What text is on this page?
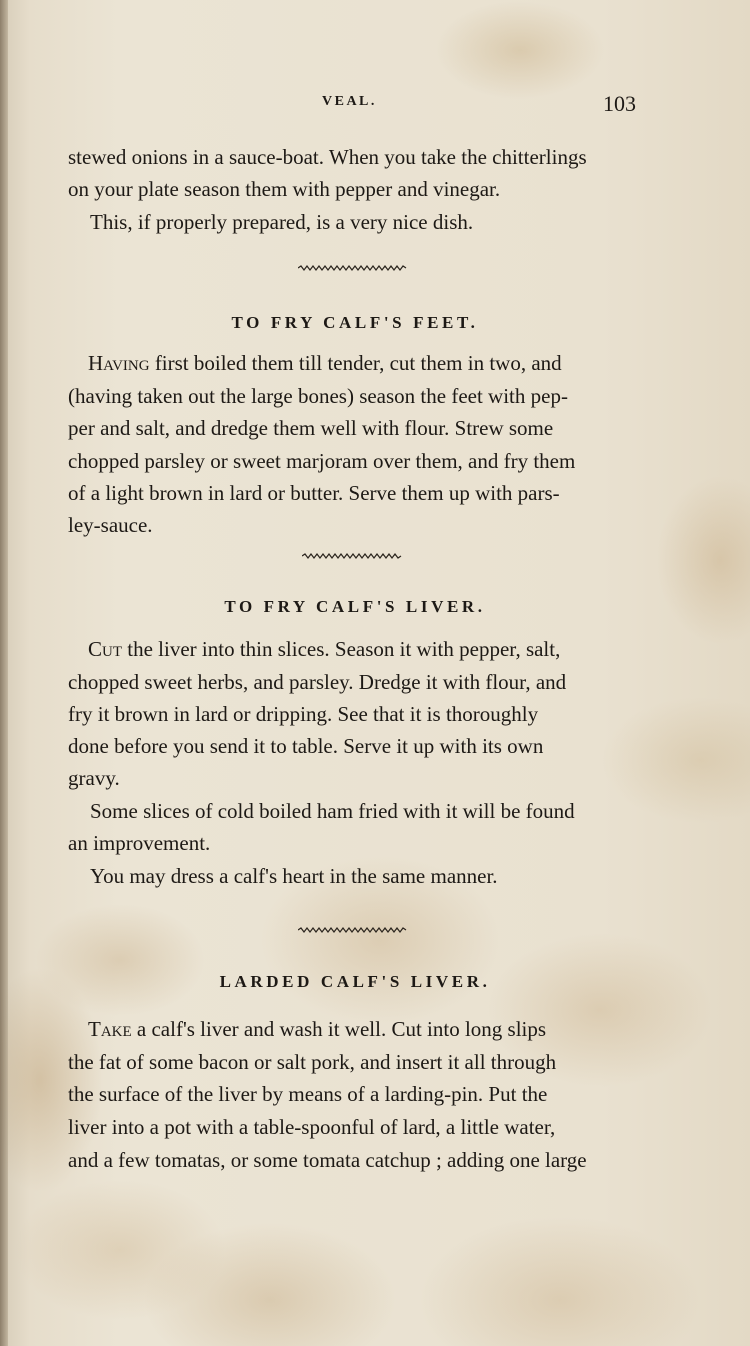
VEAL.	103
stewed onions in a sauce-boat. When you take the chitterlings
on your plate season them with pepper and vinegar.
This, if properly prepared, is a very nice dish.
TO FRY CALF'S FEET.
Having first boiled them till tender, cut them in two, and
(having taken out the large bones) season the feet with pep-
per and salt, and dredge them well with flour. Strew some
chopped parsley or sweet marjoram over them, and fry them
of a light brown in lard or butter. Serve them up with pars-
ley-sauce.
TO FRY CALF'S LIVER.
Cut the liver into thin slices. Season it with pepper, salt,
chopped sweet herbs, and parsley. Dredge it with flour, and
fry it brown in lard or dripping. See that it is thoroughly
done before you send it to table. Serve it up with its own
gravy.
Some slices of cold boiled ham fried with it will be found
an improvement.
You may dress a calf's heart in the same manner.
LARDED CALF'S LIVER.
Take a calf's liver and wash it well. Cut into long slips
the fat of some bacon or salt pork, and insert it all through
the surface of the liver by means of a larding-pin. Put the
liver into a pot with a table-spoonful of lard, a little water,
and a few tomatas, or some tomata catchup ; adding one large
